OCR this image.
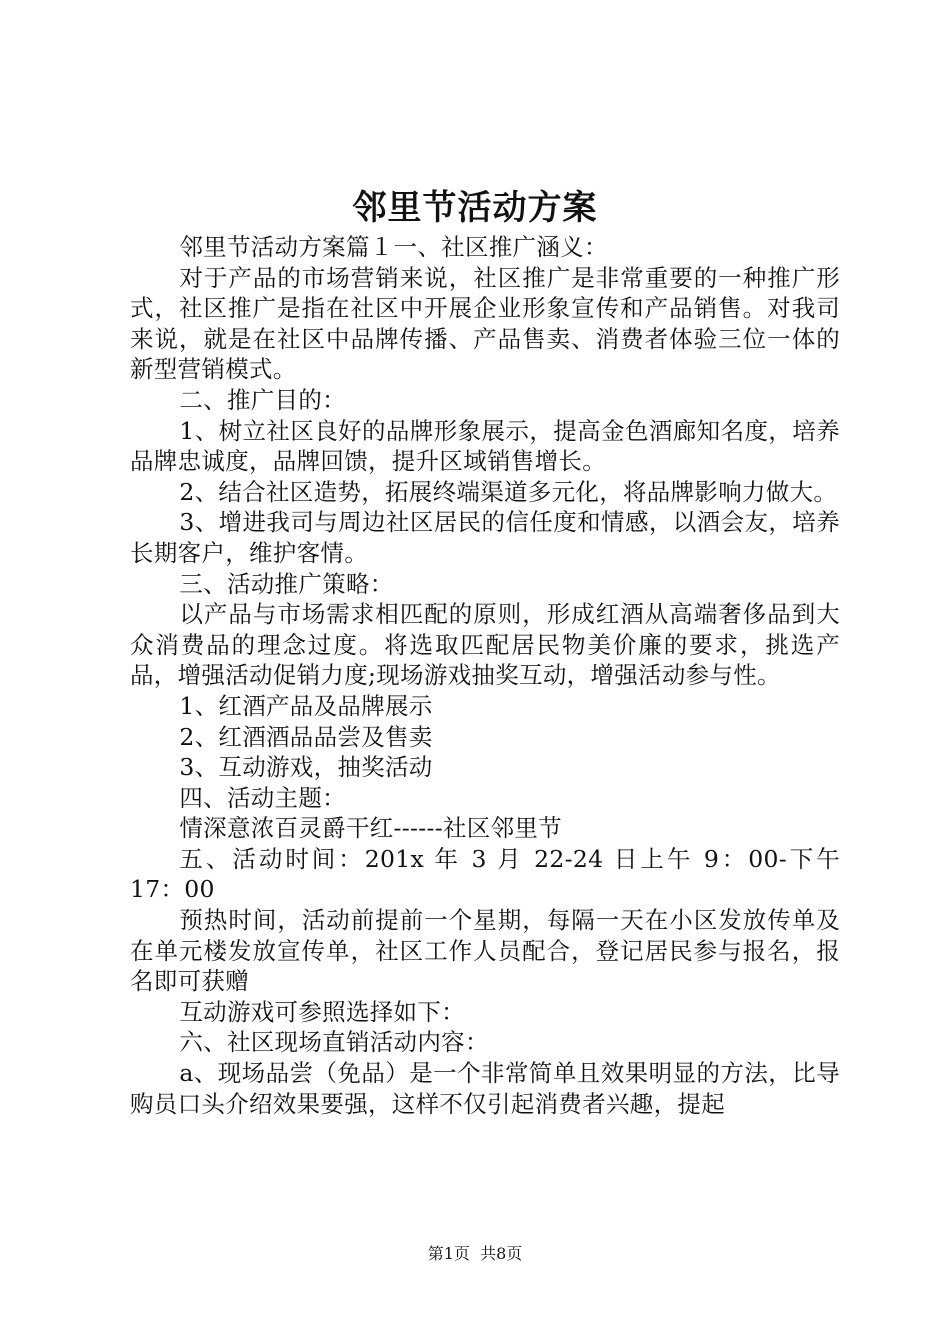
邻里节活动方案

邻里节活动方案篇１一、社区推广涵义：

对于产品的市场营销来说，社区推广是非常重要的一种推广形式，社区推广是指在社区中开展企业形象宣传和产品销售。对我司来说，就是在社区中品牌传播、产品售卖、消费者体验三位一体的新型营销模式。

二、推广目的：

1、树立社区良好的品牌形象展示，提高金色酒廊知名度，培养品牌忠诚度，品牌回馈，提升区域销售增长。

2、结合社区造势，拓展终端渠道多元化，将品牌影响力做大。

3、增进我司与周边社区居民的信任度和情感，以酒会友，培养长期客户，维护客情。

三、活动推广策略：

以产品与市场需求相匹配的原则，形成红酒从高端奢侈品到大众消费品的理念过度。将选取匹配居民物美价廉的要求，挑选产品，增强活动促销力度;现场游戏抽奖互动，增强活动参与性。

1、红酒产品及品牌展示

2、红酒酒品品尝及售卖

3、互动游戏，抽奖活动

四、活动主题：

情深意浓百灵爵干红------社区邻里节

五、活动时间：201x 年 3 月 22-24 日上午 9：00-下午 17：00

预热时间，活动前提前一个星期，每隔一天在小区发放传单及在单元楼发放宣传单，社区工作人员配合，登记居民参与报名，报名即可获赠

互动游戏可参照选择如下：

六、社区现场直销活动内容：

a、现场品尝（免品）是一个非常简单且效果明显的方法，比导购员口头介绍效果要强，这样不仅引起消费者兴趣，提起

第1页  共8页
